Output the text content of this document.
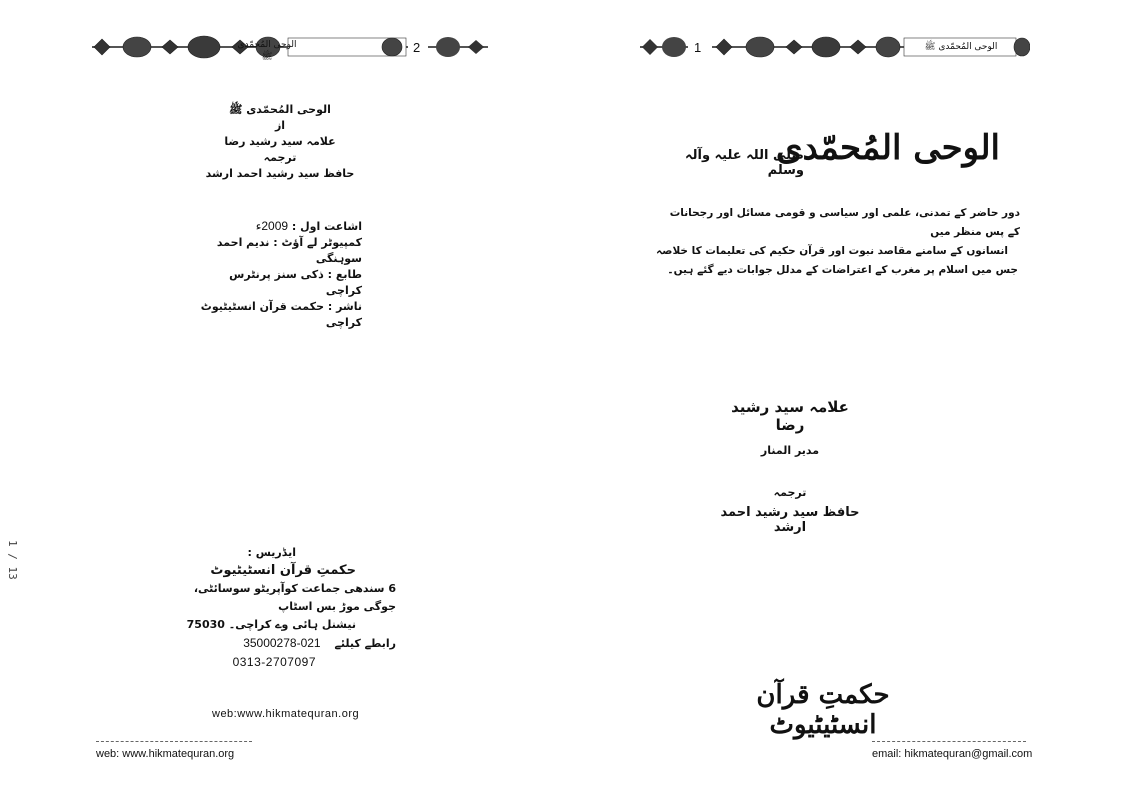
الوحی المُحمّدی ﷺ
2	1	الوحی المُحمّدی ﷺ
الوحی المُحمّدی ﷺ
از
علامہ سید رشید رضا
ترجمہ
حافظ سید رشید احمد ارشد
اشاعت اول : 2009ء
کمپیوٹر لے آؤٹ : ندیم احمد سوہنگی
طابع : ذکی سنز پرنٹرس کراچی
ناشر : حکمت قرآن انسٹیٹیوٹ کراچی
ایڈریس :
حکمتِ قرآن انسٹیٹیوٹ
6 سندھی جماعت کوآپریٹو سوسائٹی، جوگی موڑ بس اسٹاپ
نیشنل ہائی وے کراچی۔ 75030
رابطے کیلئے 021-35000278
0313-2707097
web:www.hikmatequran.org
web: www.hikmatequran.org
الوحی المُحمّدی
صلی اللہ علیہ وآلہ وسلم
دور حاضر کے تمدنی، علمی اور سیاسی و قومی مسائل اور رجحانات کے پس منظر میں
انسانوں کے سامنے مقاصد نبوت اور قرآن حکیم کی تعلیمات کا خلاصہ
جس میں اسلام پر مغرب کے اعتراضات کے مدلل جوابات دیے گئے ہیں۔
علامہ سید رشید رضا
مدیر المنار
ترجمہ
حافظ سید رشید احمد ارشد
حکمتِ قرآن انسٹیٹیوٹ
email: hikmatequran@gmail.com
1 / 13
